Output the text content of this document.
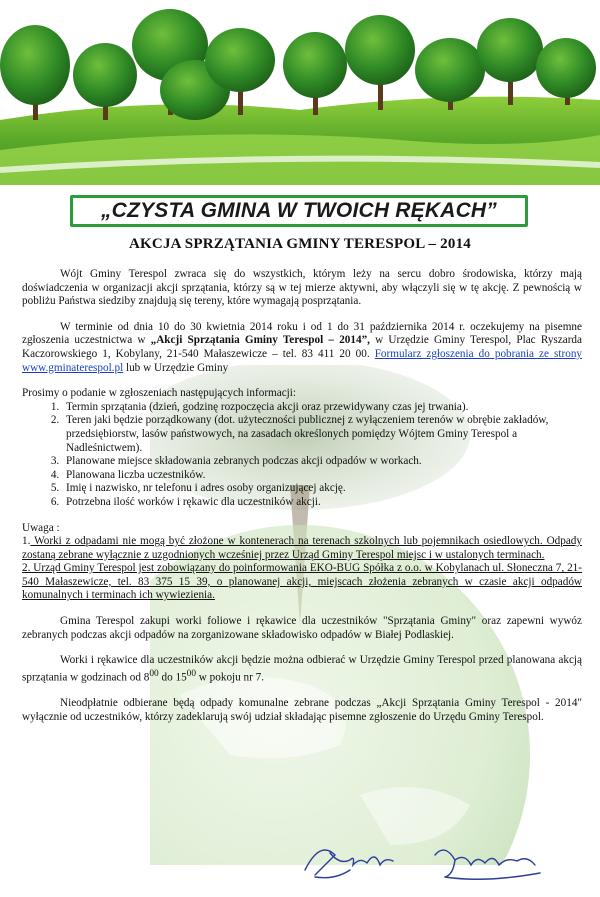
„CZYSTA GMINA W TWOICH RĘKACH”
AKCJA SPRZĄTANIA GMINY TERESPOL – 2014

Wójt Gminy Terespol zwraca się do wszystkich, którym leży na sercu dobro środowiska, którzy mają doświadczenia w organizacji akcji sprzątania, którzy są w tej mierze aktywni, aby włączyli się w tę akcję. Z pewnością w pobliżu Państwa siedziby znajdują się tereny, które wymagają posprzątania.

W terminie od dnia 10 do 30 kwietnia 2014 roku i od 1 do 31 października 2014 r. oczekujemy na pisemne zgłoszenia uczestnictwa w „Akcji Sprzątania Gminy Terespol – 2014”, w Urzędzie Gminy Terespol, Plac Ryszarda Kaczorowskiego 1, Kobylany, 21-540 Małaszewicze – tel. 83 411 20 00. Formularz zgłoszenia do pobrania ze strony www.gminaterespol.pl lub w Urzędzie Gminy

Prosimy o podanie w zgłoszeniach następujących informacji:
1. Termin sprzątania (dzień, godzinę rozpoczęcia akcji oraz przewidywany czas jej trwania).
2. Teren jaki będzie porządkowany (dot. użyteczności publicznej z wyłączeniem terenów w obrębie zakładów, przedsiębiorstw, lasów państwowych, na zasadach określonych pomiędzy Wójtem Gminy Terespol a Nadleśnictwem).
3. Planowane miejsce składowania zebranych podczas akcji odpadów w workach.
4. Planowana liczba uczestników.
5. Imię i nazwisko, nr telefonu i adres osoby organizującej akcję.
6. Potrzebna ilość worków i rękawic dla uczestników akcji.
Uwaga :
1. Worki z odpadami nie mogą być złożone w kontenerach na terenach szkolnych lub pojemnikach osiedlowych. Odpady zostaną zebrane wyłącznie z uzgodnionych wcześniej przez Urząd Gminy Terespol miejsc i w ustalonych terminach.
2. Urząd Gminy Terespol jest zobowiązany do poinformowania EKO-BUG Spółka z o.o. w Kobylanach ul. Słoneczna 7, 21-540 Małaszewicze, tel. 83 375 15 39, o planowanej akcji, miejscach złożenia zebranych w czasie akcji odpadów komunalnych i terminach ich wywiezienia.

Gmina Terespol zakupi worki foliowe i rękawice dla uczestników "Sprzątania Gminy" oraz zapewni wywóz zebranych podczas akcji odpadów na zorganizowane składowisko odpadów w Białej Podlaskiej.

Worki i rękawice dla uczestników akcji będzie można odbierać w Urzędzie Gminy Terespol przed planowana akcją sprzątania w godzinach od $8^{00}$ do $15^{00}$ w pokoju nr 7.

Nieodpłatnie odbierane będą odpady komunalne zebrane podczas „Akcji Sprzątania Gminy Terespol - 2014" wyłącznie od uczestników, którzy zadeklarują swój udział składając pisemne zgłoszenie do Urzędu Gminy Terespol.
